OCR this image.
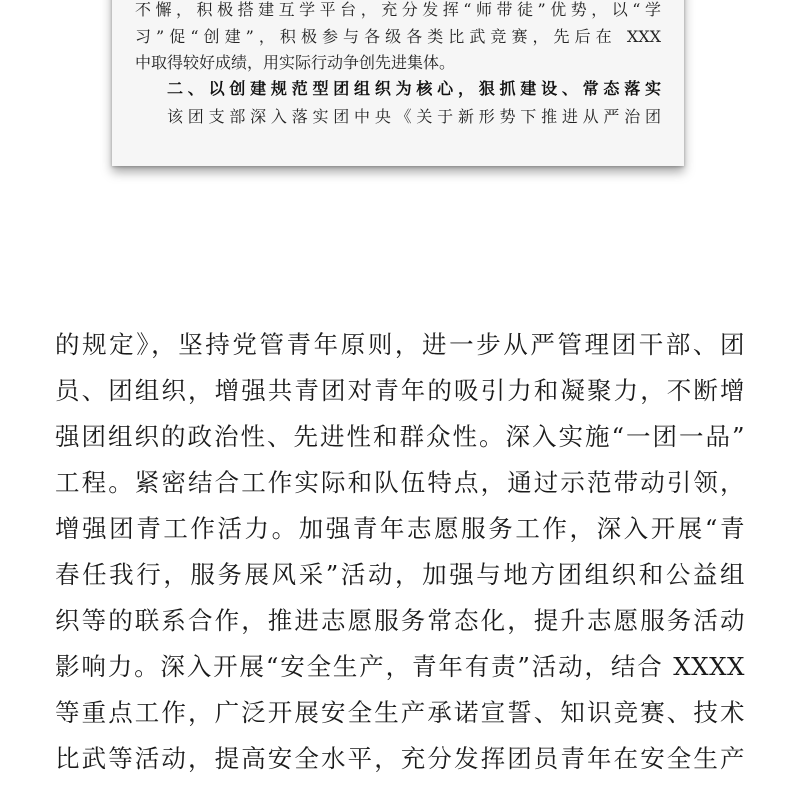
不懈，积极搭建互学平台，充分发挥“师带徒”优势，以“学
习”促“创建”，积极参与各级各类比武竞赛，先后在 XXX
中取得较好成绩，用实际行动争创先进集体。
二、以创建规范型团组织为核心，狠抓建设、常态落实
该团支部深入落实团中央《关于新形势下推进从严治团
的规定》，坚持党管青年原则，进一步从严管理团干部、团
员、团组织，增强共青团对青年的吸引力和凝聚力，不断增
强团组织的政治性、先进性和群众性。深入实施“一团一品”
工程。紧密结合工作实际和队伍特点，通过示范带动引领，
增强团青工作活力。加强青年志愿服务工作，深入开展“青
春任我行，服务展风采”活动，加强与地方团组织和公益组
织等的联系合作，推进志愿服务常态化，提升志愿服务活动
影响力。深入开展“安全生产，青年有责”活动，结合 XXXX
等重点工作，广泛开展安全生产承诺宣誓、知识竞赛、技术
比武等活动，提高安全水平，充分发挥团员青年在安全生产
